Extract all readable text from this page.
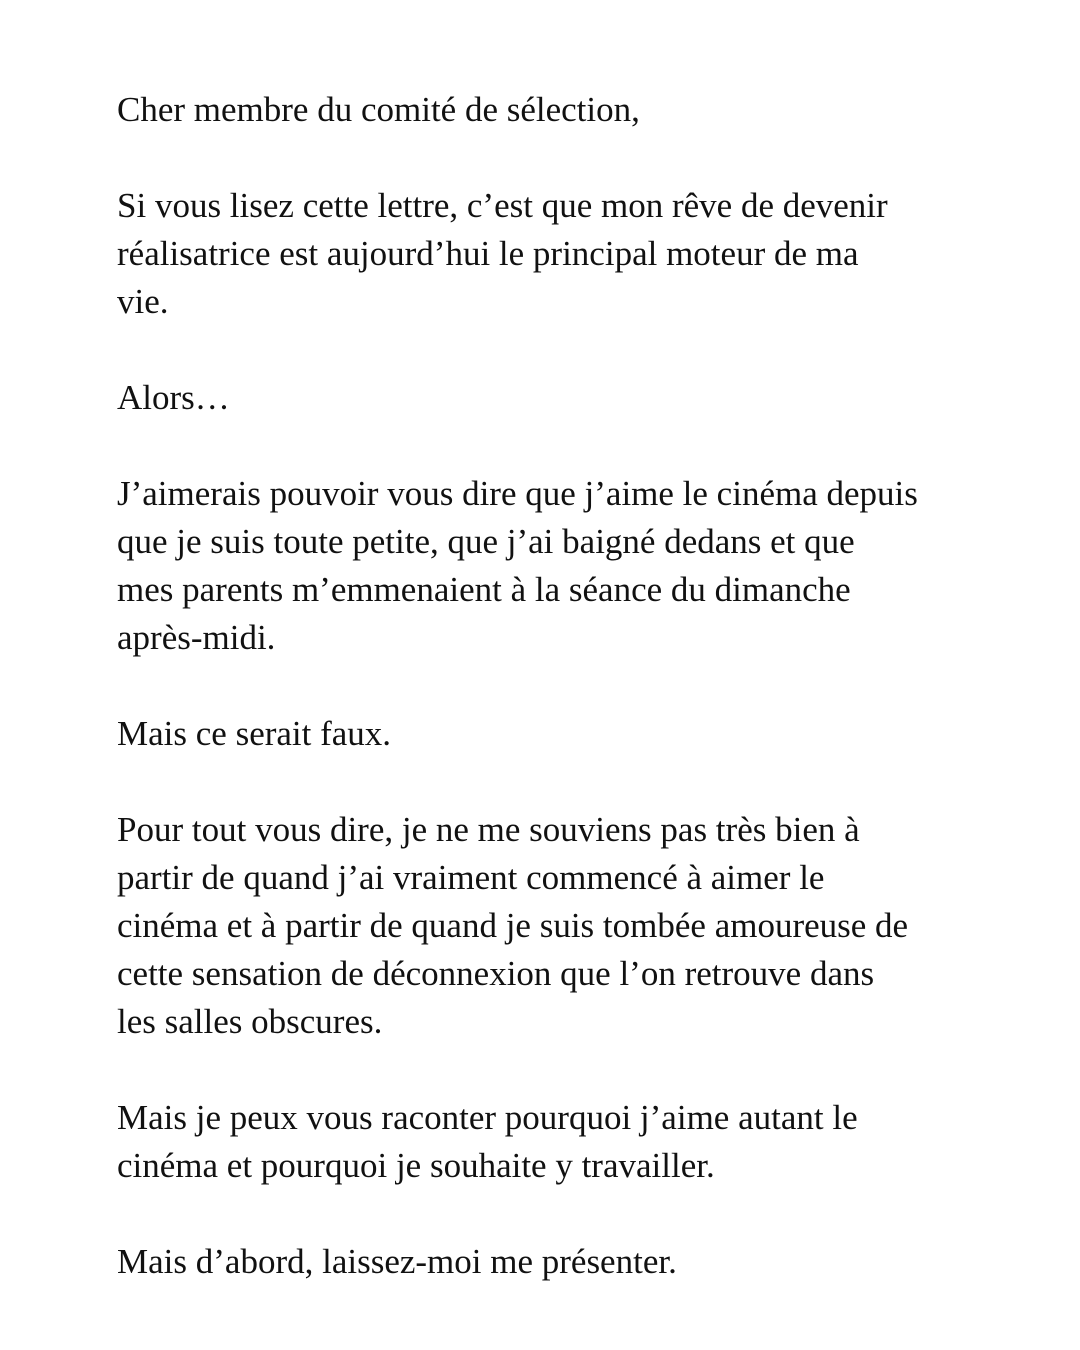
Cher membre du comité de sélection,

Si vous lisez cette lettre, c’est que mon rêve de devenir
réalisatrice est aujourd’hui le principal moteur de ma
vie.

Alors…

J’aimerais pouvoir vous dire que j’aime le cinéma depuis
que je suis toute petite, que j’ai baigné dedans et que
mes parents m’emmenaient à la séance du dimanche
après-midi.

Mais ce serait faux.

Pour tout vous dire, je ne me souviens pas très bien à
partir de quand j’ai vraiment commencé à aimer le
cinéma et à partir de quand je suis tombée amoureuse de
cette sensation de déconnexion que l’on retrouve dans
les salles obscures.

Mais je peux vous raconter pourquoi j’aime autant le
cinéma et pourquoi je souhaite y travailler.

Mais d’abord, laissez-moi me présenter.
